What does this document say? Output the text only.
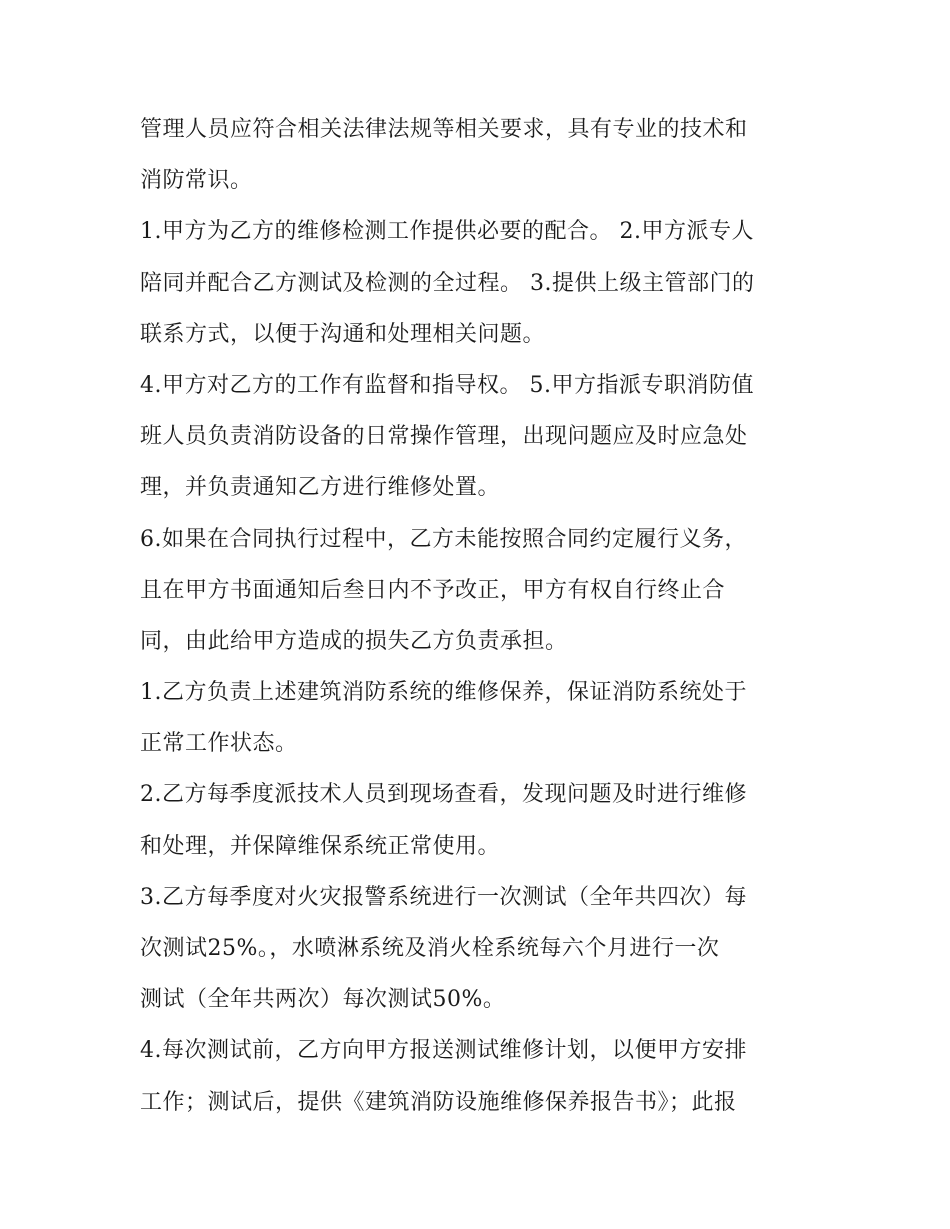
管理人员应符合相关法律法规等相关要求，具有专业的技术和
消防常识。
1.甲方为乙方的维修检测工作提供必要的配合。 2.甲方派专人
陪同并配合乙方测试及检测的全过程。 3.提供上级主管部门的
联系方式，以便于沟通和处理相关问题。
4.甲方对乙方的工作有监督和指导权。 5.甲方指派专职消防值
班人员负责消防设备的日常操作管理，出现问题应及时应急处
理，并负责通知乙方进行维修处置。
6.如果在合同执行过程中，乙方未能按照合同约定履行义务，
且在甲方书面通知后叁日内不予改正，甲方有权自行终止合
同，由此给甲方造成的损失乙方负责承担。
1.乙方负责上述建筑消防系统的维修保养，保证消防系统处于
正常工作状态。
2.乙方每季度派技术人员到现场查看，发现问题及时进行维修
和处理，并保障维保系统正常使用。
3.乙方每季度对火灾报警系统进行一次测试（全年共四次）每
次测试25%。，水喷淋系统及消火栓系统每六个月进行一次
测试（全年共两次）每次测试50%。
4.每次测试前，乙方向甲方报送测试维修计划，以便甲方安排
工作；测试后，提供《建筑消防设施维修保养报告书》；此报
